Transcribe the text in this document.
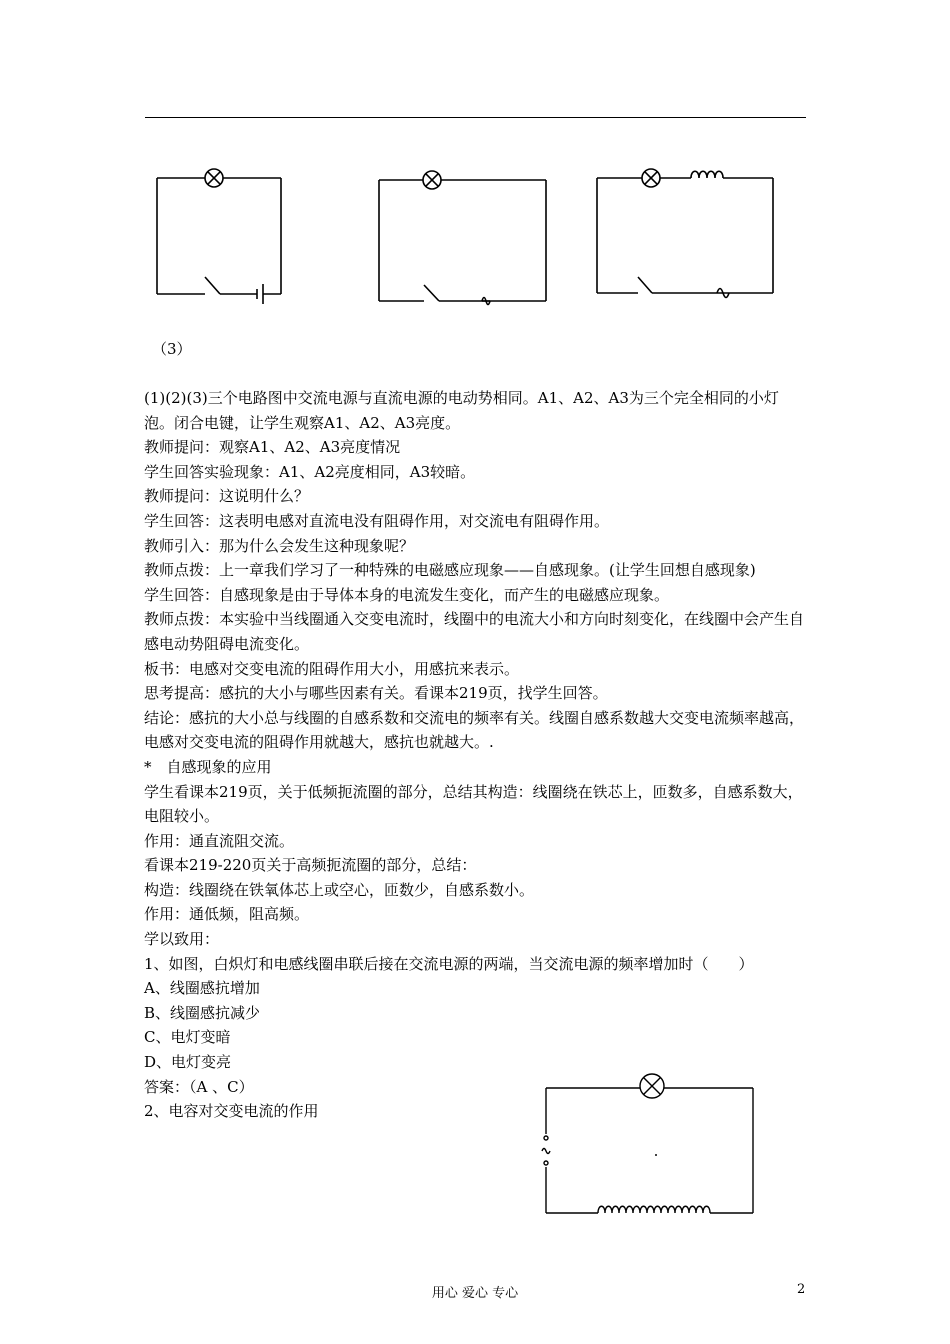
（3）

(1)(2)(3)三个电路图中交流电源与直流电源的电动势相同。A1、A2、A3为三个完全相同的小灯泡。闭合电键，让学生观察A1、A2、A3亮度。

教师提问：观察A1、A2、A3亮度情况

学生回答实验现象：A1、A2亮度相同，A3较暗。

教师提问：这说明什么？

学生回答：这表明电感对直流电没有阻碍作用，对交流电有阻碍作用。

教师引入：那为什么会发生这种现象呢？

教师点拨：上一章我们学习了一种特殊的电磁感应现象——自感现象。(让学生回想自感现象)

学生回答：自感现象是由于导体本身的电流发生变化，而产生的电磁感应现象。

教师点拨：本实验中当线圈通入交变电流时，线圈中的电流大小和方向时刻变化，在线圈中会产生自感电动势阻碍电流变化。

板书：电感对交变电流的阻碍作用大小，用感抗来表示。

思考提高：感抗的大小与哪些因素有关。看课本219页，找学生回答。

结论：感抗的大小总与线圈的自感系数和交流电的频率有关。线圈自感系数越大交变电流频率越高，电感对交变电流的阻碍作用就越大，感抗也就越大。.

*　自感现象的应用

学生看课本219页，关于低频扼流圈的部分，总结其构造：线圈绕在铁芯上，匝数多，自感系数大，电阻较小。

作用：通直流阻交流。

看课本219-220页关于高频扼流圈的部分，总结：

构造：线圈绕在铁氧体芯上或空心，匝数少，自感系数小。

作用：通低频，阻高频。

学以致用：

1、如图，白炽灯和电感线圈串联后接在交流电源的两端，当交流电源的频率增加时（　　）

A、线圈感抗增加

B、线圈感抗减少

C、电灯变暗

D、电灯变亮

答案：（A 、C）

2、电容对交变电流的作用

用心 爱心 专心	2
